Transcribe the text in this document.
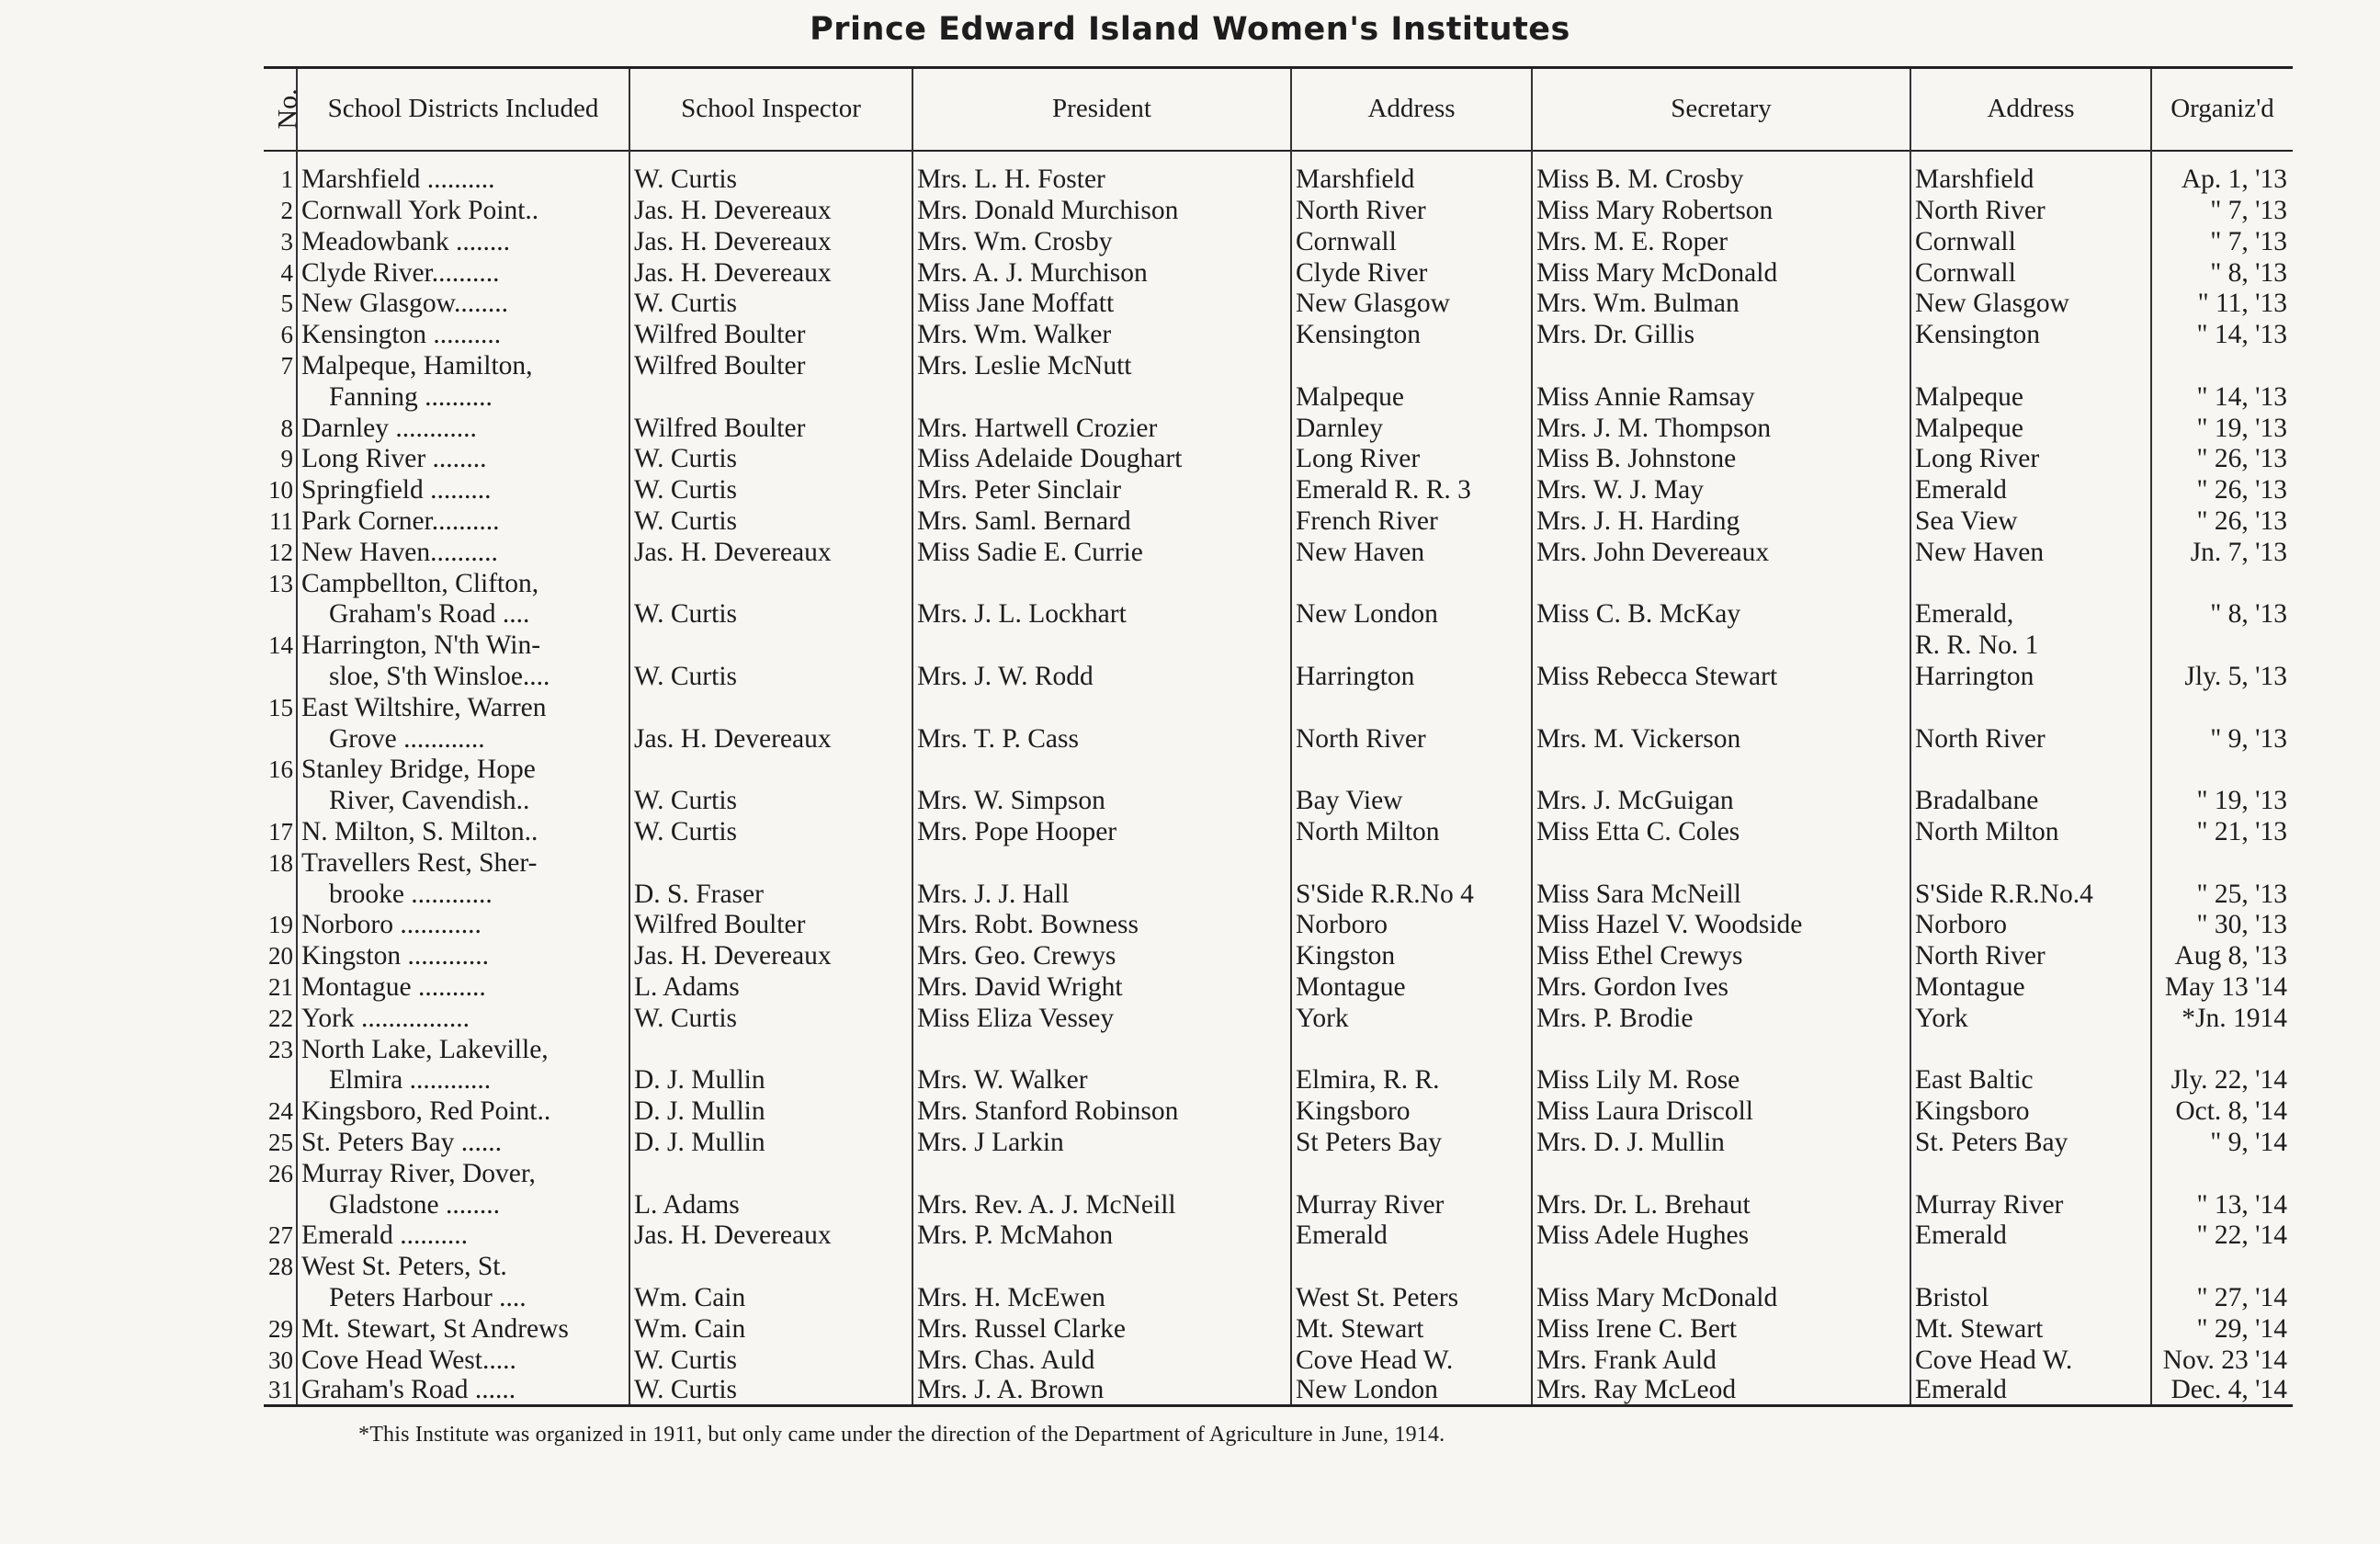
Prince Edward Island Women's Institutes
No.	School Districts Included	School Inspector	President	Address	Secretary	Address	Organiz'd

1	Marshfield ..........	W. Curtis	Mrs. L. H. Foster	Marshfield	Miss B. M. Crosby	Marshfield	Ap. 1, '13
2	Cornwall York Point..	Jas. H. Devereaux	Mrs. Donald Murchison	North River	Miss Mary Robertson	North River	" 7, '13
3	Meadowbank ........	Jas. H. Devereaux	Mrs. Wm. Crosby	Cornwall	Mrs. M. E. Roper	Cornwall	" 7, '13
4	Clyde River..........	Jas. H. Devereaux	Mrs. A. J. Murchison	Clyde River	Miss Mary McDonald	Cornwall	" 8, '13
5	New Glasgow........	W. Curtis	Miss Jane Moffatt	New Glasgow	Mrs. Wm. Bulman	New Glasgow	" 11, '13
6	Kensington ..........	Wilfred Boulter	Mrs. Wm. Walker	Kensington	Mrs. Dr. Gillis	Kensington	" 14, '13
7	Malpeque, Hamilton,	Wilfred Boulter	Mrs. Leslie McNutt				
	Fanning ..........			Malpeque	Miss Annie Ramsay	Malpeque	" 14, '13
8	Darnley ............	Wilfred Boulter	Mrs. Hartwell Crozier	Darnley	Mrs. J. M. Thompson	Malpeque	" 19, '13
9	Long River ........	W. Curtis	Miss Adelaide Doughart	Long River	Miss B. Johnstone	Long River	" 26, '13
10	Springfield .........	W. Curtis	Mrs. Peter Sinclair	Emerald R. R. 3	Mrs. W. J. May	Emerald	" 26, '13
11	Park Corner..........	W. Curtis	Mrs. Saml. Bernard	French River	Mrs. J. H. Harding	Sea View	" 26, '13
12	New Haven..........	Jas. H. Devereaux	Miss Sadie E. Currie	New Haven	Mrs. John Devereaux	New Haven	Jn. 7, '13
13	Campbellton, Clifton,						
	Graham's Road ....	W. Curtis	Mrs. J. L. Lockhart	New London	Miss C. B. McKay	Emerald,	" 8, '13
14	Harrington, N'th Win-					R. R. No. 1	
	sloe, S'th Winsloe....	W. Curtis	Mrs. J. W. Rodd	Harrington	Miss Rebecca Stewart	Harrington	Jly. 5, '13
15	East Wiltshire, Warren						
	Grove ............	Jas. H. Devereaux	Mrs. T. P. Cass	North River	Mrs. M. Vickerson	North River	" 9, '13
16	Stanley Bridge, Hope						
	River, Cavendish..	W. Curtis	Mrs. W. Simpson	Bay View	Mrs. J. McGuigan	Bradalbane	" 19, '13
17	N. Milton, S. Milton..	W. Curtis	Mrs. Pope Hooper	North Milton	Miss Etta C. Coles	North Milton	" 21, '13
18	Travellers Rest, Sher-						
	brooke ............	D. S. Fraser	Mrs. J. J. Hall	S'Side R.R.No 4	Miss Sara McNeill	S'Side R.R.No.4	" 25, '13
19	Norboro ............	Wilfred Boulter	Mrs. Robt. Bowness	Norboro	Miss Hazel V. Woodside	Norboro	" 30, '13
20	Kingston ............	Jas. H. Devereaux	Mrs. Geo. Crewys	Kingston	Miss Ethel Crewys	North River	Aug 8, '13
21	Montague ..........	L. Adams	Mrs. David Wright	Montague	Mrs. Gordon Ives	Montague	May 13 '14
22	York ................	W. Curtis	Miss Eliza Vessey	York	Mrs. P. Brodie	York	*Jn. 1914
23	North Lake, Lakeville,						
	Elmira ............	D. J. Mullin	Mrs. W. Walker	Elmira, R. R.	Miss Lily M. Rose	East Baltic	Jly. 22, '14
24	Kingsboro, Red Point..	D. J. Mullin	Mrs. Stanford Robinson	Kingsboro	Miss Laura Driscoll	Kingsboro	Oct. 8, '14
25	St. Peters Bay ......	D. J. Mullin	Mrs. J Larkin	St Peters Bay	Mrs. D. J. Mullin	St. Peters Bay	" 9, '14
26	Murray River, Dover,						
	Gladstone ........	L. Adams	Mrs. Rev. A. J. McNeill	Murray River	Mrs. Dr. L. Brehaut	Murray River	" 13, '14
27	Emerald ..........	Jas. H. Devereaux	Mrs. P. McMahon	Emerald	Miss Adele Hughes	Emerald	" 22, '14
28	West St. Peters, St.						
	Peters Harbour ....	Wm. Cain	Mrs. H. McEwen	West St. Peters	Miss Mary McDonald	Bristol	" 27, '14
29	Mt. Stewart, St Andrews	Wm. Cain	Mrs. Russel Clarke	Mt. Stewart	Miss Irene C. Bert	Mt. Stewart	" 29, '14
30	Cove Head West.....	W. Curtis	Mrs. Chas. Auld	Cove Head W.	Mrs. Frank Auld	Cove Head W.	Nov. 23 '14
31	Graham's Road ......	W. Curtis	Mrs. J. A. Brown	New London	Mrs. Ray McLeod	Emerald	Dec. 4, '14
*This Institute was organized in 1911, but only came under the direction of the Department of Agriculture in June, 1914.
